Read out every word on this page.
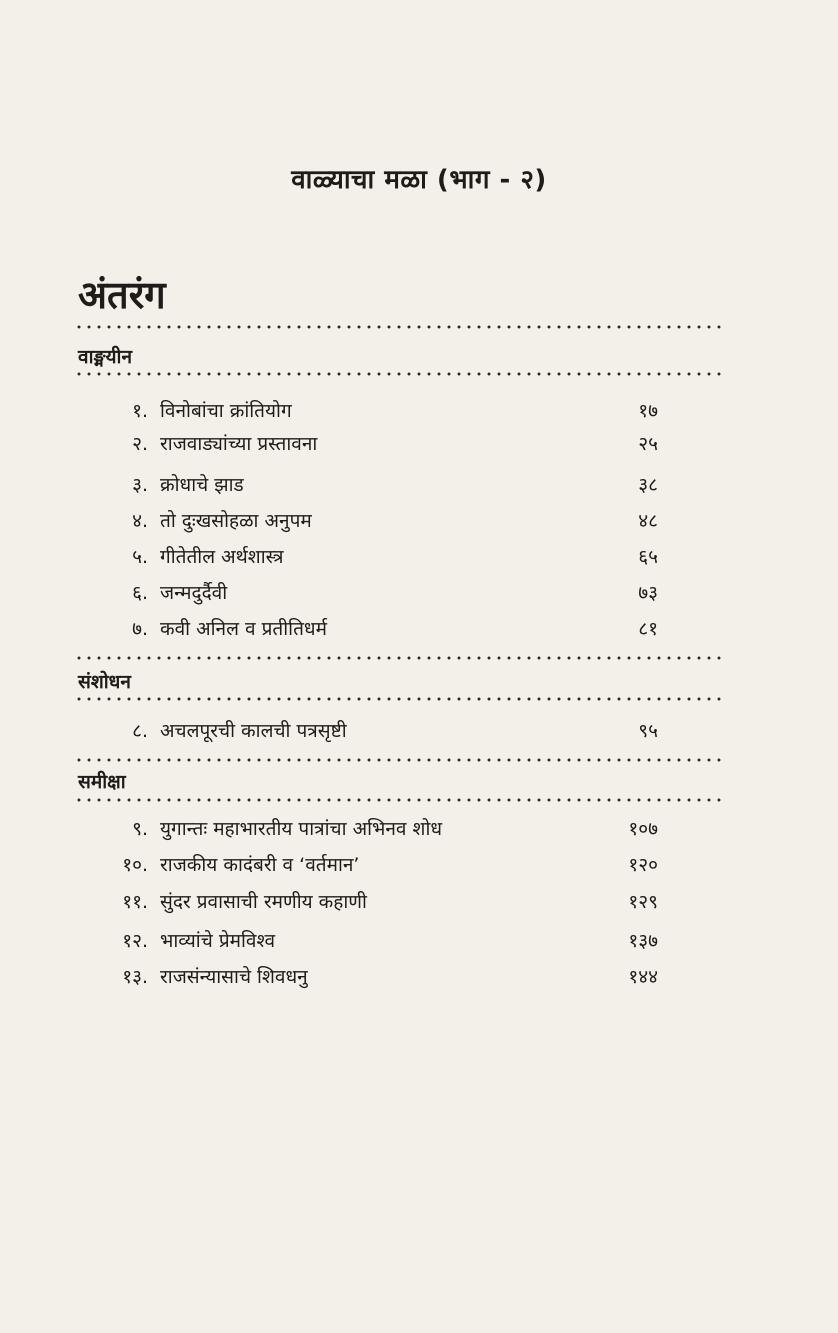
वाळ्याचा मळा (भाग - २)
अंतरंग
वाङ्मयीन
१. विनोबांचा क्रांतियोग	१७
२. राजवाड्यांच्या प्रस्तावना	२५
३. क्रोधाचे झाड	३८
४. तो दुःखसोहळा अनुपम	४८
५. गीतेतील अर्थशास्त्र	६५
६. जन्मदुर्दैवी	७३
७. कवी अनिल व प्रतीतिधर्म	८१
संशोधन
८. अचलपूरची कालची पत्रसृष्टी	९५
समीक्षा
९. युगान्तः महाभारतीय पात्रांचा अभिनव शोध	१०७
१०. राजकीय कादंबरी व ‘वर्तमान’	१२०
११. सुंदर प्रवासाची रमणीय कहाणी	१२९
१२. भाव्यांचे प्रेमविश्व	१३७
१३. राजसंन्यासाचे शिवधनु	१४४
